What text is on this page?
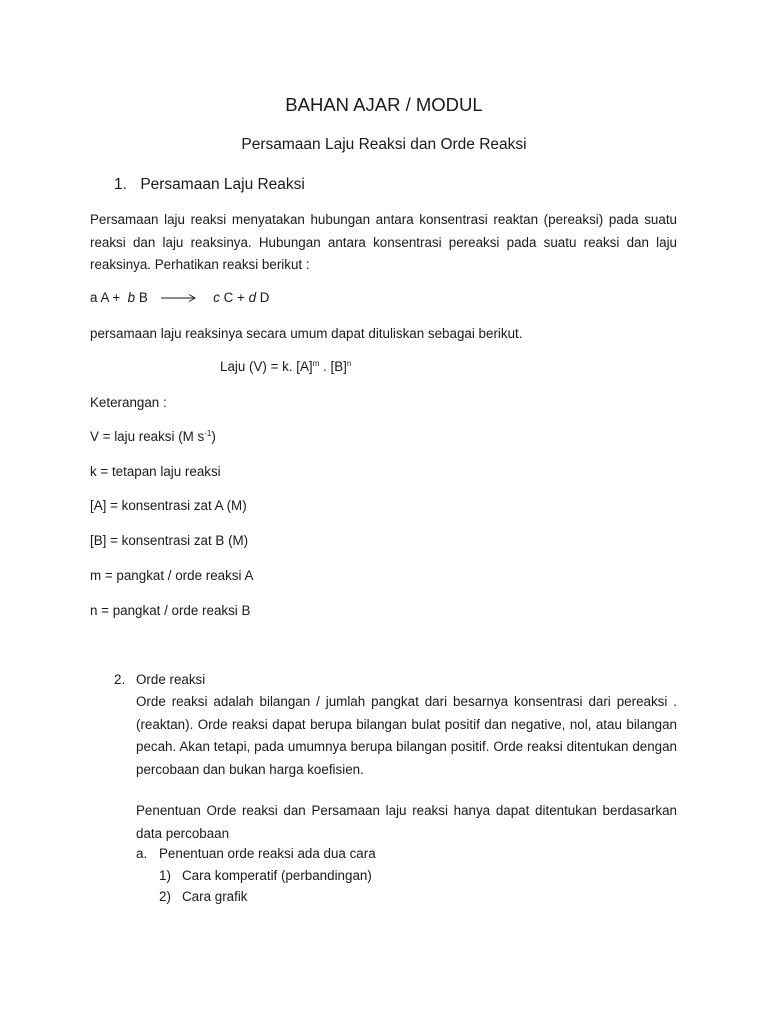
BAHAN AJAR / MODUL
Persamaan Laju Reaksi dan Orde Reaksi
1. Persamaan Laju Reaksi
Persamaan laju reaksi menyatakan hubungan antara konsentrasi reaktan (pereaksi) pada suatu reaksi dan laju reaksinya. Hubungan antara konsentrasi pereaksi pada suatu reaksi dan laju reaksinya. Perhatikan reaksi berikut :
a A + b B → c C + d D
persamaan laju reaksinya secara umum dapat dituliskan sebagai berikut.
Laju (V) = k. $[A]^m$ . $[B]^n$
Keterangan :
V = laju reaksi (M $s^{-1}$)
k = tetapan laju reaksi
[A] = konsentrasi zat A (M)
[B] = konsentrasi zat B (M)
m = pangkat / orde reaksi A
n = pangkat / orde reaksi B
2. Orde reaksi
Orde reaksi adalah bilangan / jumlah pangkat dari besarnya konsentrasi dari pereaksi . (reaktan). Orde reaksi dapat berupa bilangan bulat positif dan negative, nol, atau bilangan pecah. Akan tetapi, pada umumnya berupa bilangan positif. Orde reaksi ditentukan dengan percobaan dan bukan harga koefisien.
Penentuan Orde reaksi dan Persamaan laju reaksi hanya dapat ditentukan berdasarkan data percobaan
a. Penentuan orde reaksi ada dua cara
1) Cara komperatif (perbandingan)
2) Cara grafik
